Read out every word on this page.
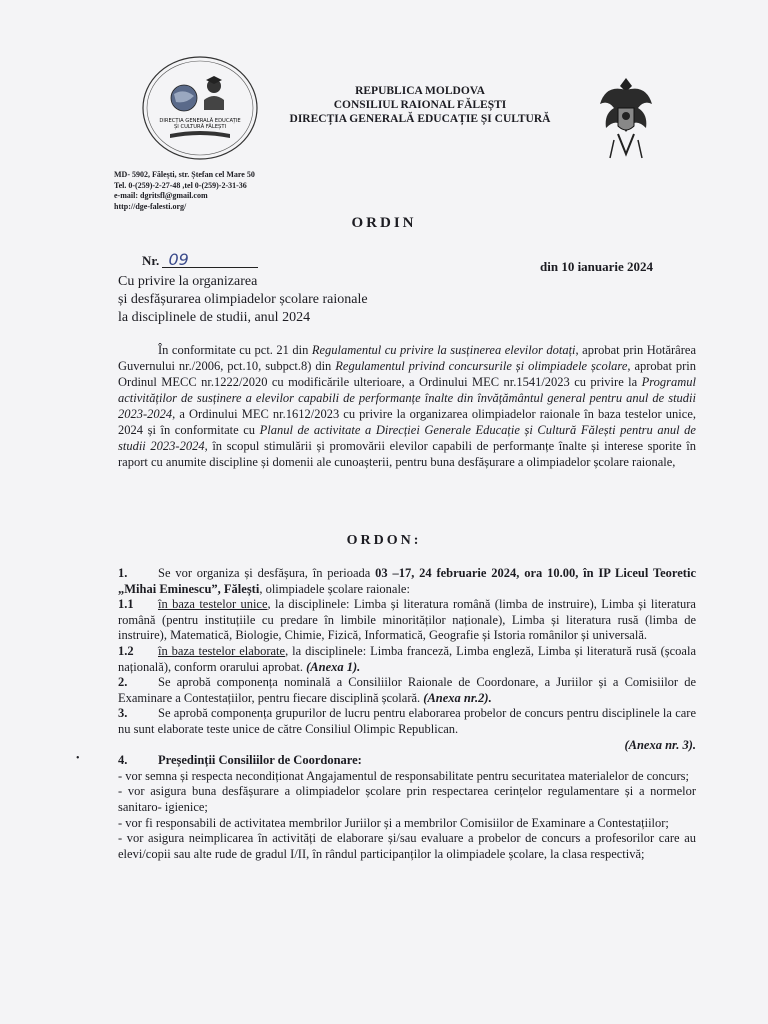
DIRECȚIA GENERALĂ EDUCAȚIE
ȘI CULTURĂ FĂLEȘTI
REPUBLICA MOLDOVA
CONSILIUL RAIONAL FĂLEȘTI
DIRECȚIA GENERALĂ EDUCAȚIE ȘI CULTURĂ
MD- 5902, Fălești, str. Ștefan cel Mare 50
Tel. 0-(259)-2-27-48 ,tel 0-(259)-2-31-36
e-mail: dgritsfl@gmail.com
http://dge-falesti.org/
ORDIN
Nr. 09	din 10 ianuarie 2024
Cu privire la organizarea
și desfășurarea olimpiadelor școlare raionale
la disciplinele de studii, anul 2024

În conformitate cu pct. 21 din Regulamentul cu privire la susținerea elevilor dotați, aprobat prin Hotărârea Guvernului nr./2006, pct.10, subpct.8) din Regulamentul privind concursurile și olimpiadele școlare, aprobat prin Ordinul MECC nr.1222/2020 cu modificările ulterioare, a Ordinului MEC nr.1541/2023 cu privire la Programul activităților de susținere a elevilor capabili de performanțe înalte din învățământul general pentru anul de studii 2023-2024, a Ordinului MEC nr.1612/2023 cu privire la organizarea olimpiadelor raionale în baza testelor unice, 2024 și în conformitate cu Planul de activitate a Direcției Generale Educație și Cultură Fălești pentru anul de studii 2023-2024, în scopul stimulării și promovării elevilor capabili de performanțe înalte și interese sporite în raport cu anumite discipline și domenii ale cunoașterii, pentru buna desfășurare a olimpiadelor școlare raionale,

ORDON:
•

1. Se vor organiza și desfășura, în perioada 03 –17, 24 februarie 2024, ora 10.00, în IP Liceul Teoretic „Mihai Eminescu”, Fălești, olimpiadele școlare raionale:

1.1 în baza testelor unice, la disciplinele: Limba și literatura română (limba de instruire), Limba și literatura română (pentru instituțiile cu predare în limbile minorităților naționale), Limba și literatura rusă (limba de instruire), Matematică, Biologie, Chimie, Fizică, Informatică, Geografie și Istoria românilor și universală.

1.2 în baza testelor elaborate, la disciplinele: Limba franceză, Limba engleză, Limba și literatură rusă (școala națională), conform orarului aprobat. (Anexa 1).

2. Se aprobă componența nominală a Consiliilor Raionale de Coordonare, a Juriilor și a Comisiilor de Examinare a Contestațiilor, pentru fiecare disciplină școlară. (Anexa nr.2).

3. Se aprobă componența grupurilor de lucru pentru elaborarea probelor de concurs pentru disciplinele la care nu sunt elaborate teste unice de către Consiliul Olimpic Republican.

(Anexa nr. 3).

4. Președinții Consiliilor de Coordonare:

- vor semna și respecta necondiționat Angajamentul de responsabilitate pentru securitatea materialelor de concurs;

- vor asigura buna desfășurare a olimpiadelor școlare prin respectarea cerințelor regulamentare și a normelor sanitaro- igienice;

- vor fi responsabili de activitatea membrilor Juriilor și a membrilor Comisiilor de Examinare a Contestațiilor;

- vor asigura neimplicarea în activități de elaborare și/sau evaluare a probelor de concurs a profesorilor care au elevi/copii sau alte rude de gradul I/II, în rândul participanților la olimpiadele școlare, la clasa respectivă;
